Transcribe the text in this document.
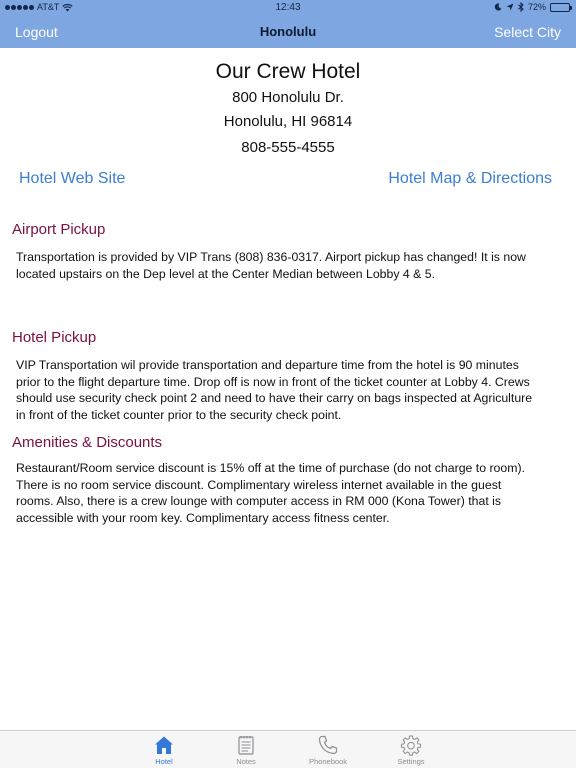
AT&T	12:43	72%
Logout	Honolulu	Select City
Our Crew Hotel
800 Honolulu Dr.
Honolulu, HI 96814
808-555-4555
Hotel Web Site	Hotel Map & Directions
Airport Pickup
Transportation is provided by VIP Trans (808) 836-0317. Airport pickup has changed! It is now located upstairs on the Dep level at the Center Median between Lobby 4 & 5.
Hotel Pickup
VIP Transportation wil provide transportation and departure time from the hotel is 90 minutes prior to the flight departure time. Drop off is now in front of the ticket counter at Lobby 4. Crews should use security check point 2 and need to have their carry on bags inspected at Agriculture in front of the ticket counter prior to the security check point.
Amenities & Discounts
Restaurant/Room service discount is 15% off at the time of purchase (do not charge to room). There is no room service discount. Complimentary wireless internet available in the guest rooms. Also, there is a crew lounge with computer access in RM 000 (Kona Tower) that is accessible with your room key. Complimentary access fitness center.
Hotel	Notes	Phonebook	Settings
